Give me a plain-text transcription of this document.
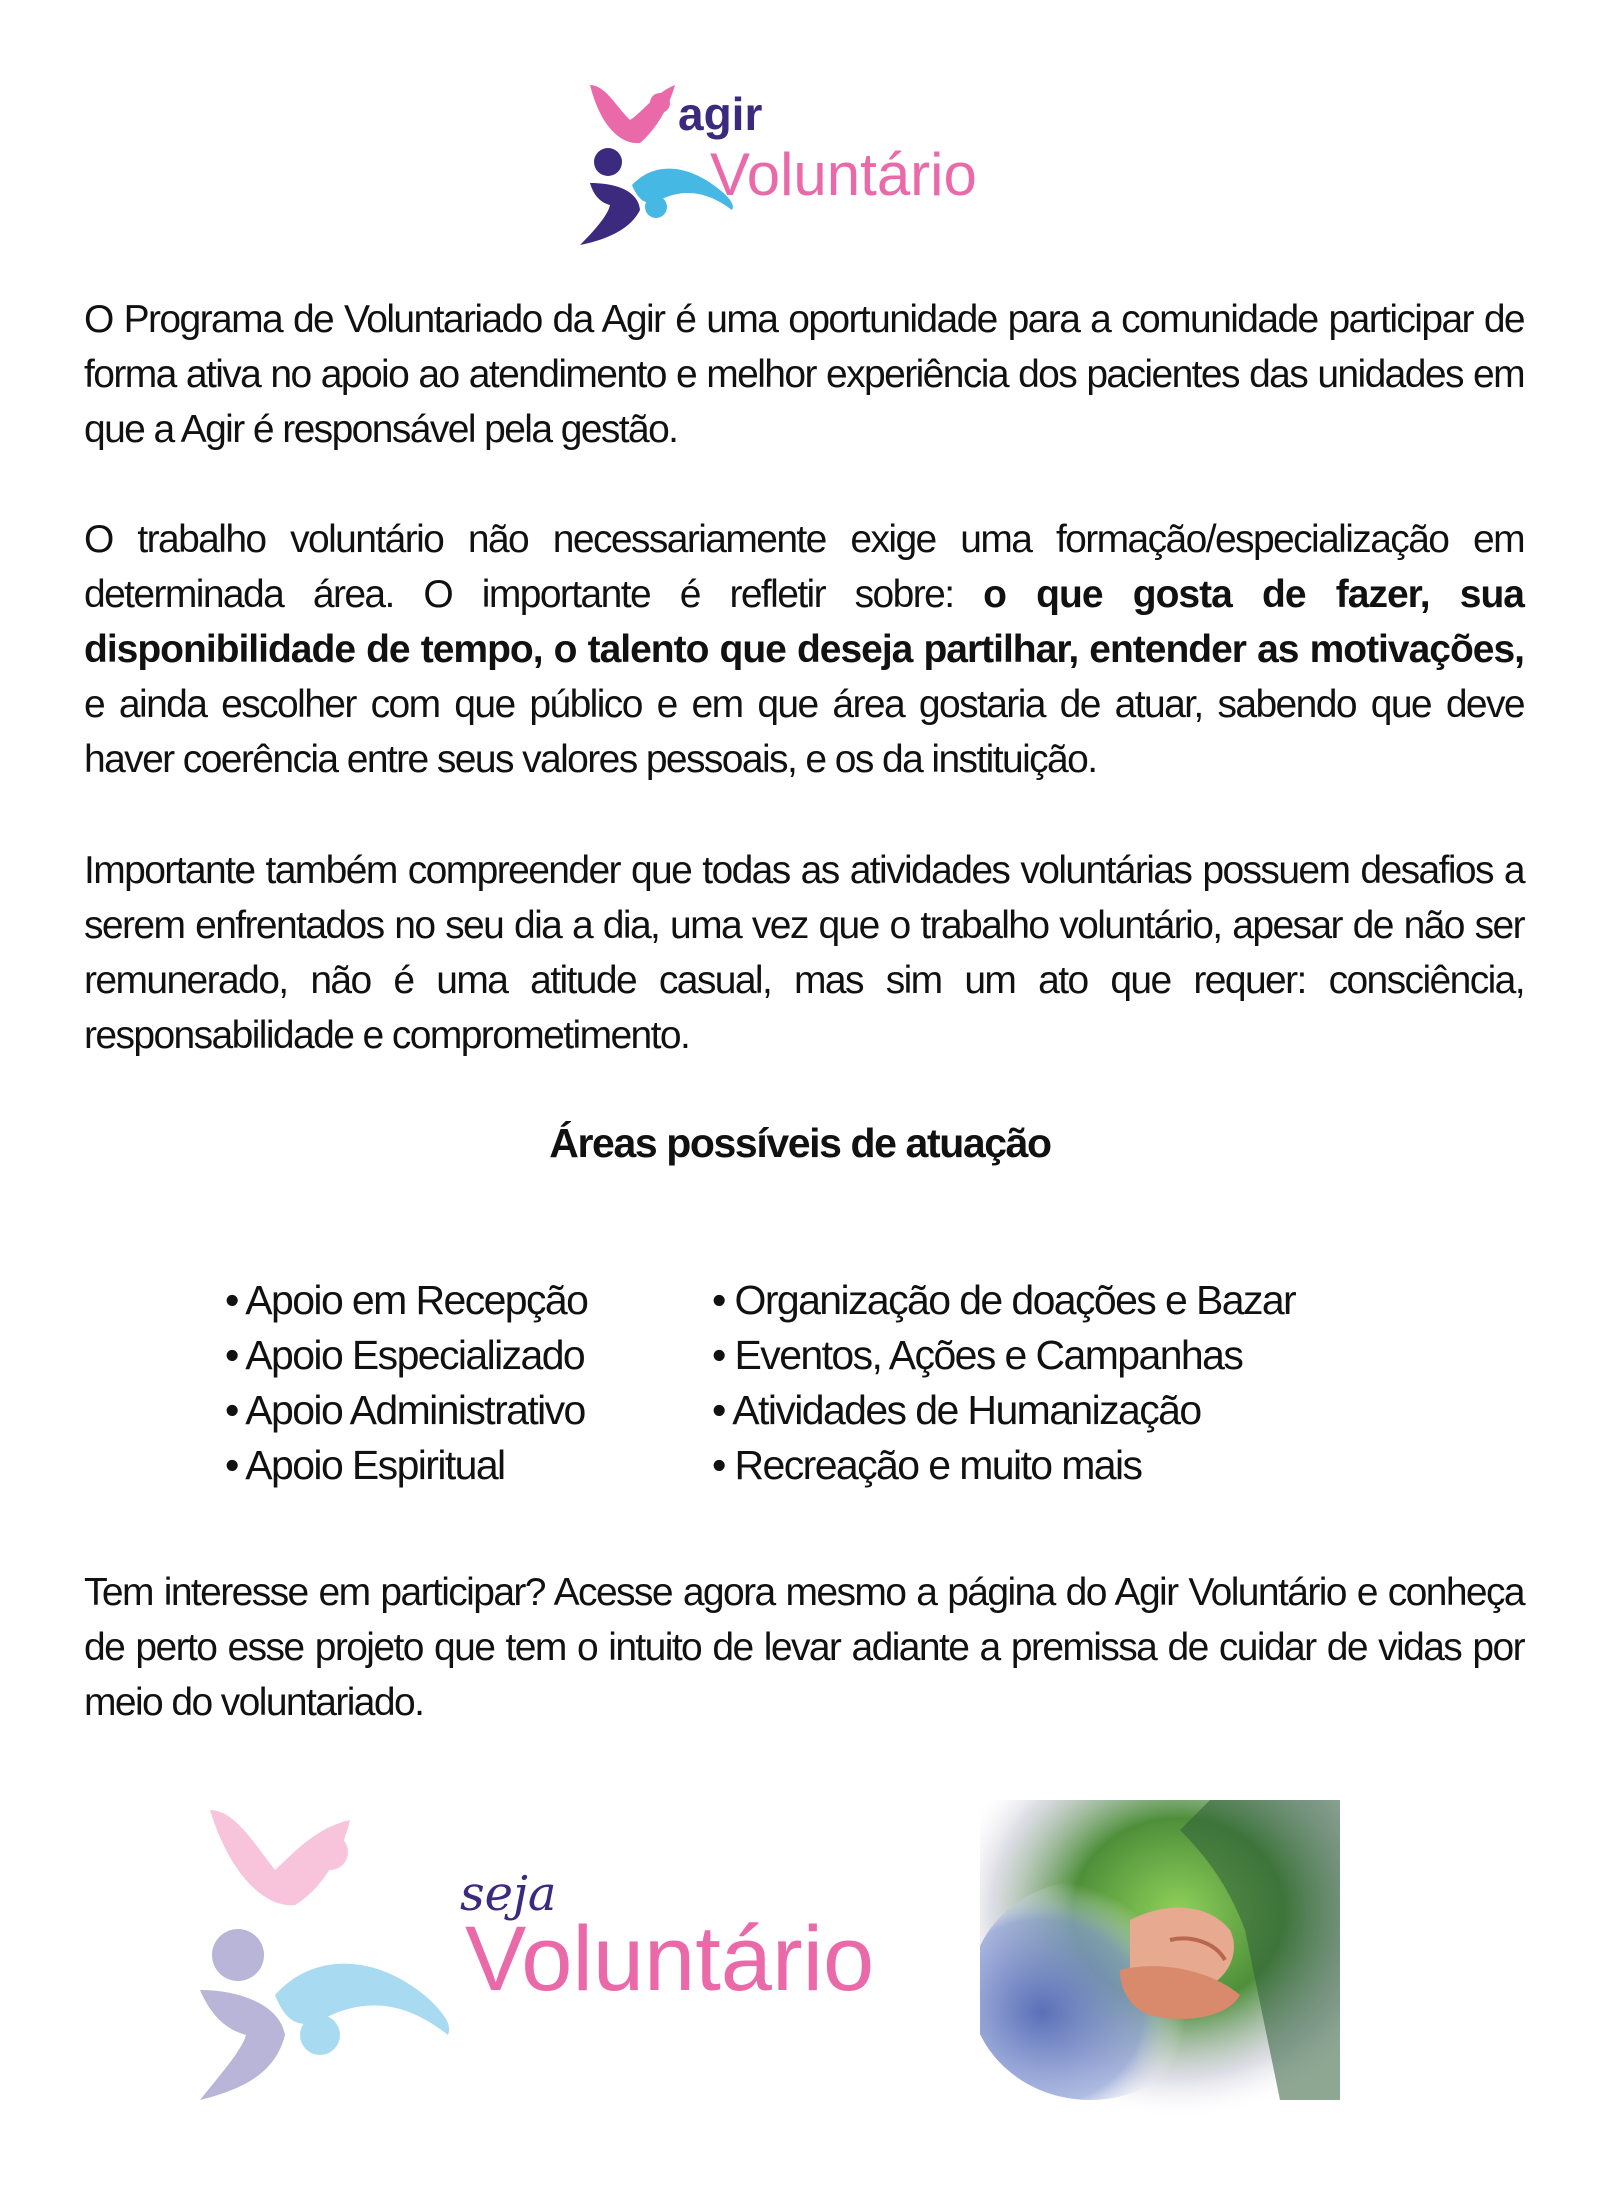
agir
Voluntário
O Programa de Voluntariado da Agir é uma oportunidade para a comunidade participar de forma ativa no apoio ao atendimento e melhor experiência dos pacientes das unidades em que a Agir é responsável pela gestão.
O trabalho voluntário não necessariamente exige uma formação/especialização em determinada área. O importante é refletir sobre: o que gosta de fazer, sua disponibilidade de tempo, o talento que deseja partilhar, entender as motivações, e ainda escolher com que público e em que área gostaria de atuar, sabendo que deve haver coerência entre seus valores pessoais, e os da instituição.
Importante também compreender que todas as atividades voluntárias possuem desafios a serem enfrentados no seu dia a dia, uma vez que o trabalho voluntário, apesar de não ser remunerado, não é uma atitude casual, mas sim um ato que requer: consciência, responsabilidade e comprometimento.
Áreas possíveis de atuação
• Apoio em Recepção
• Apoio Especializado
• Apoio Administrativo
• Apoio Espiritual
• Organização de doações e Bazar
• Eventos, Ações e Campanhas
• Atividades de Humanização
• Recreação e muito mais
Tem interesse em participar? Acesse agora mesmo a página do Agir Voluntário e conheça de perto esse projeto que tem o intuito de levar adiante a premissa de cuidar de vidas por meio do voluntariado.
seja
Voluntário
